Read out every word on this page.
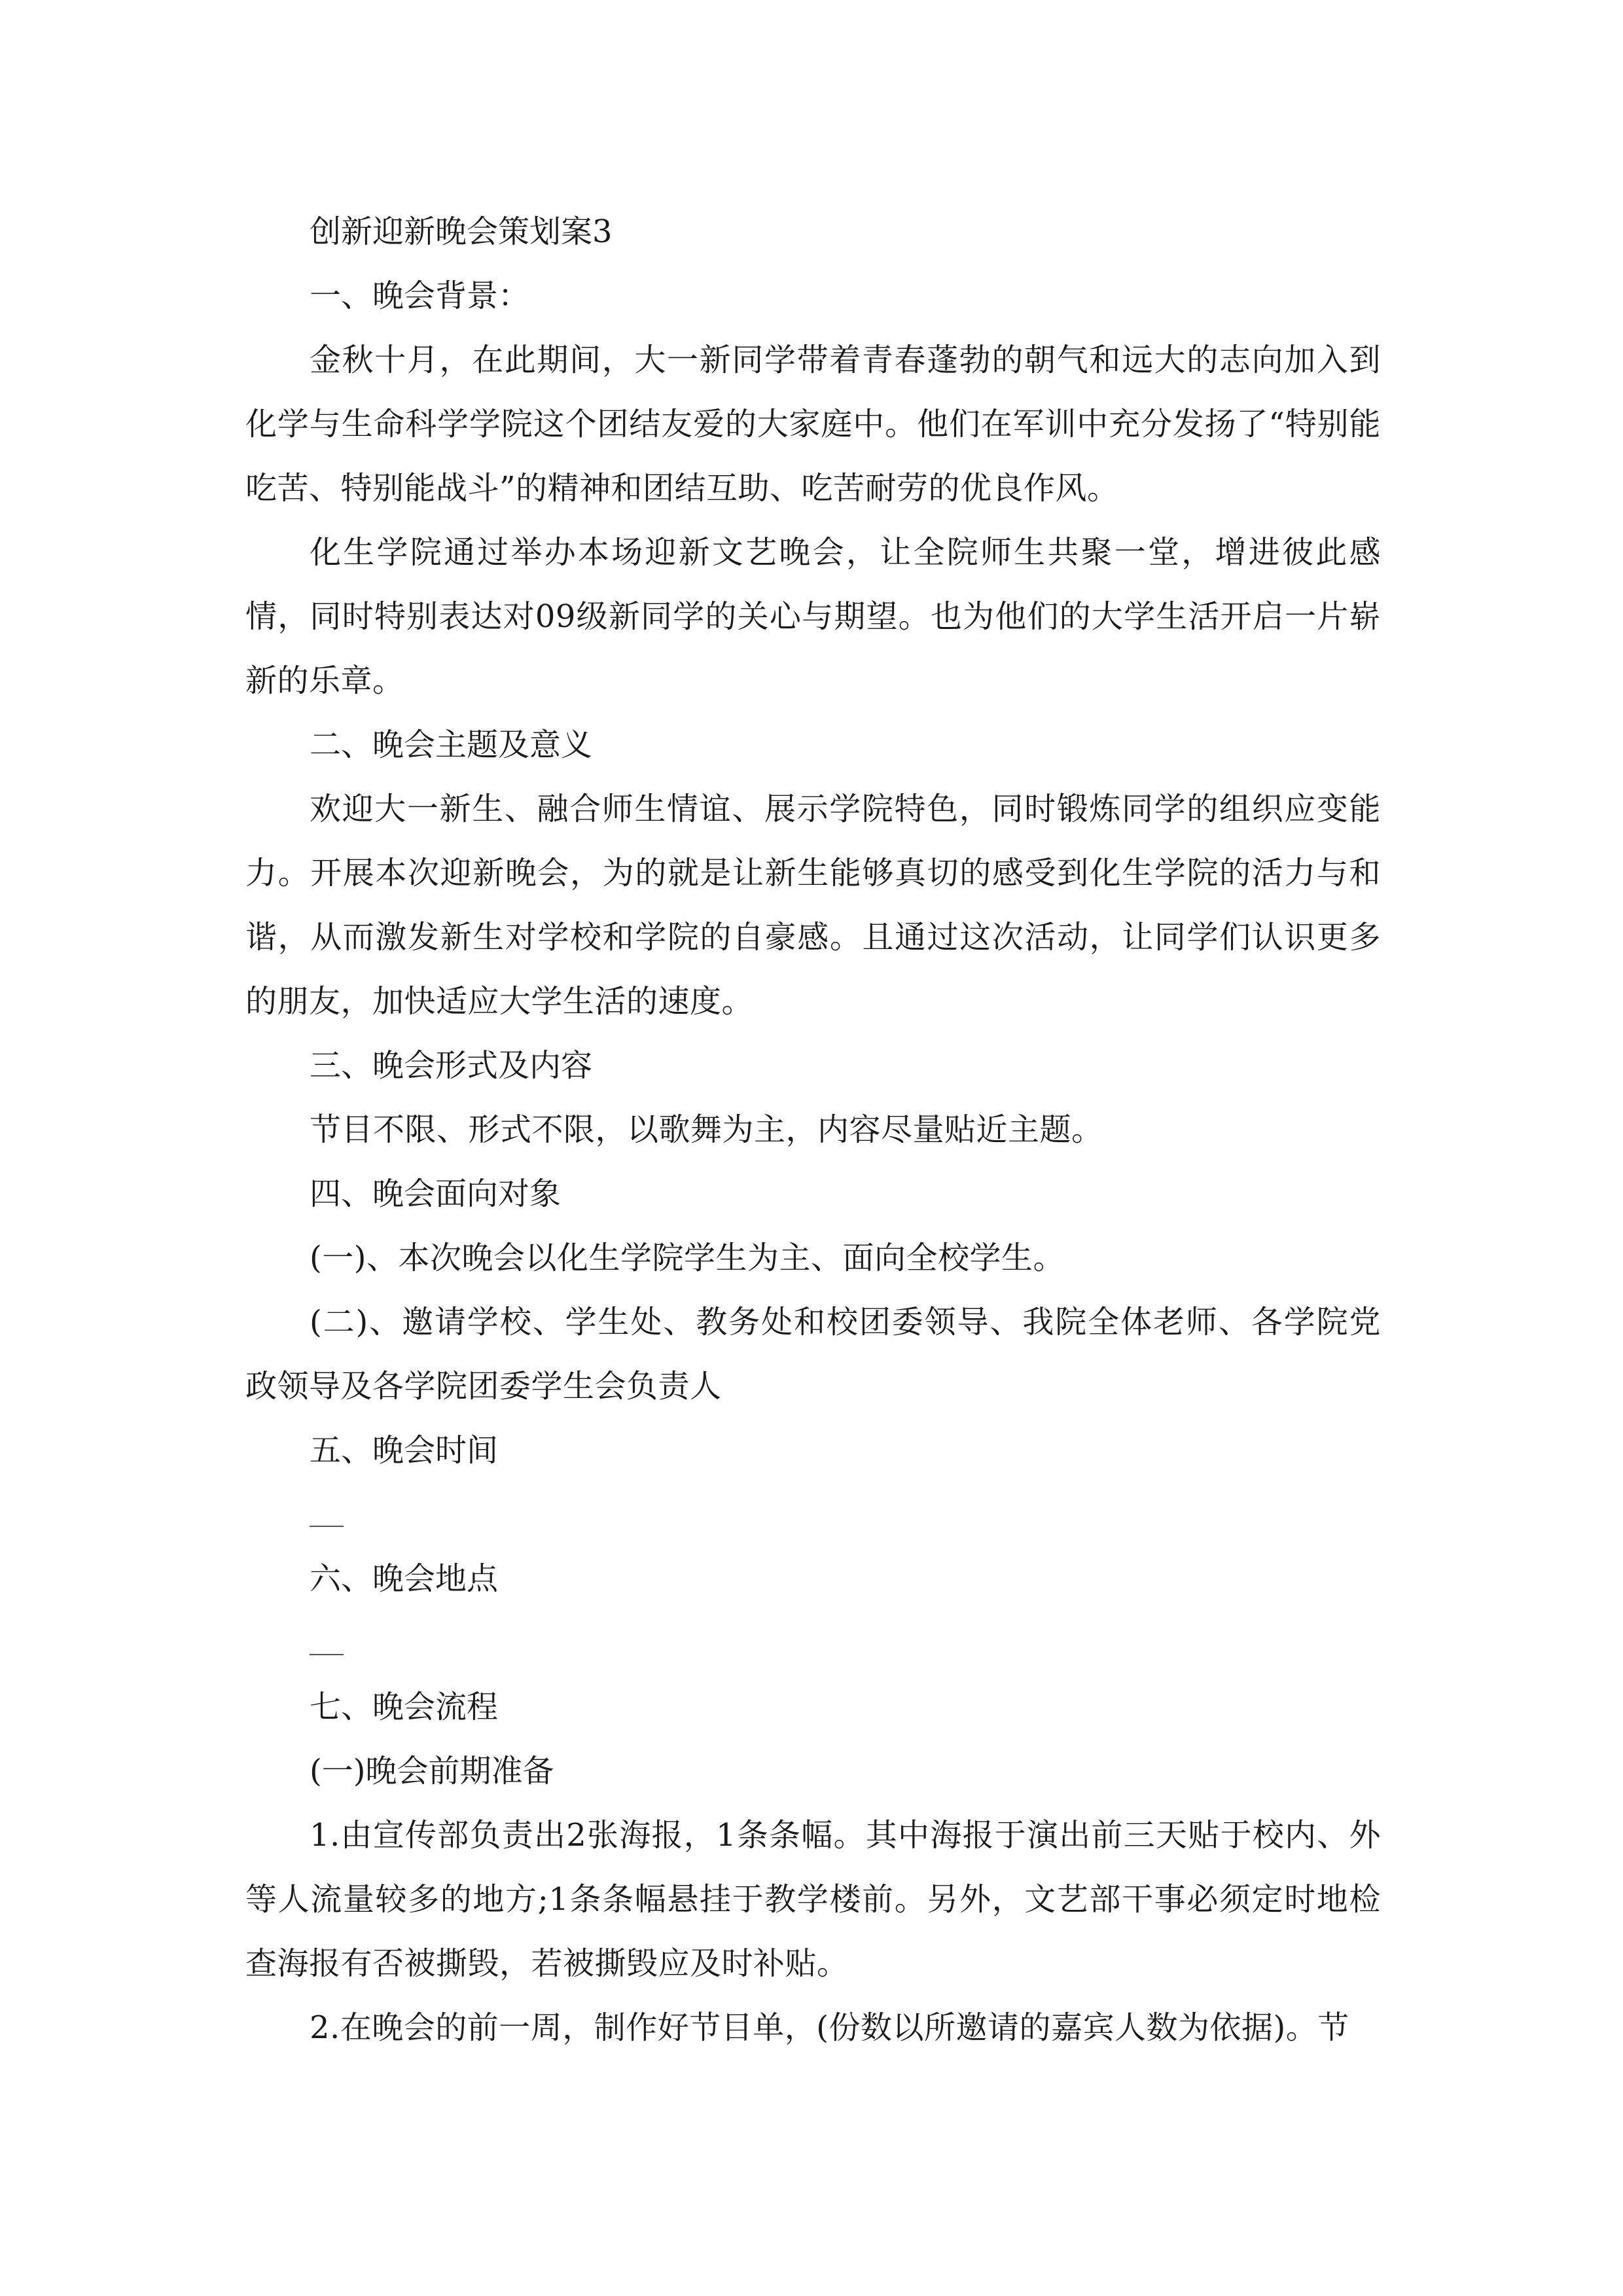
创新迎新晚会策划案3
一、晚会背景：

金秋十月，在此期间，大一新同学带着青春蓬勃的朝气和远大的志向加入到化学与生命科学学院这个团结友爱的大家庭中。他们在军训中充分发扬了“特别能吃苦、特别能战斗”的精神和团结互助、吃苦耐劳的优良作风。

化生学院通过举办本场迎新文艺晚会，让全院师生共聚一堂，增进彼此感情，同时特别表达对09级新同学的关心与期望。也为他们的大学生活开启一片崭新的乐章。

二、晚会主题及意义

欢迎大一新生、融合师生情谊、展示学院特色，同时锻炼同学的组织应变能力。开展本次迎新晚会，为的就是让新生能够真切的感受到化生学院的活力与和谐，从而激发新生对学校和学院的自豪感。且通过这次活动，让同学们认识更多的朋友，加快适应大学生活的速度。

三、晚会形式及内容

节目不限、形式不限，以歌舞为主，内容尽量贴近主题。

四、晚会面向对象

(一)、本次晚会以化生学院学生为主、面向全校学生。

(二)、邀请学校、学生处、教务处和校团委领导、我院全体老师、各学院党政领导及各学院团委学生会负责人

五、晚会时间
六、晚会地点
七、晚会流程
(一)晚会前期准备

1.由宣传部负责出2张海报，1条条幅。其中海报于演出前三天贴于校内、外等人流量较多的地方;1条条幅悬挂于教学楼前。另外，文艺部干事必须定时地检查海报有否被撕毁，若被撕毁应及时补贴。

2.在晚会的前一周，制作好节目单，(份数以所邀请的嘉宾人数为依据)。节
